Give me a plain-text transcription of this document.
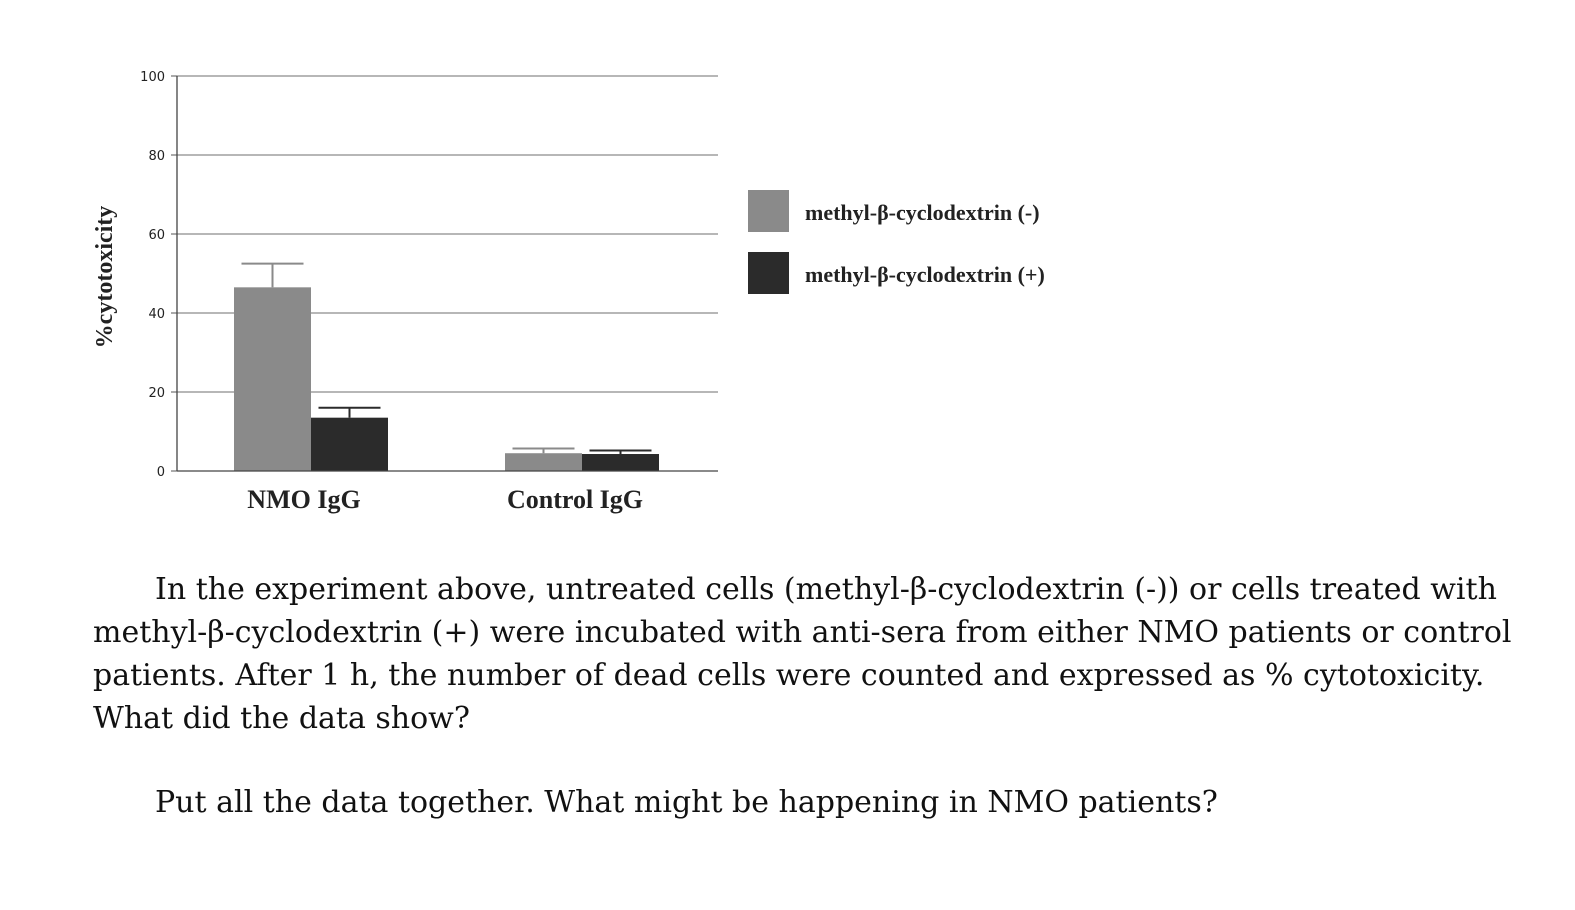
0
20
40
60
80
100
NMO IgG	Control IgG
%cytotoxicity	methyl-β-cyclodextrin (-)
methyl-β-cyclodextrin (+)

In the experiment above, untreated cells (methyl-β-cyclodextrin (-)) or cells treated with methyl-β-cyclodextrin (+) were incubated with anti-sera from either NMO patients or control patients. After 1 h, the number of dead cells were counted and expressed as % cytotoxicity. What did the data show?

Put all the data together. What might be happening in NMO patients?
